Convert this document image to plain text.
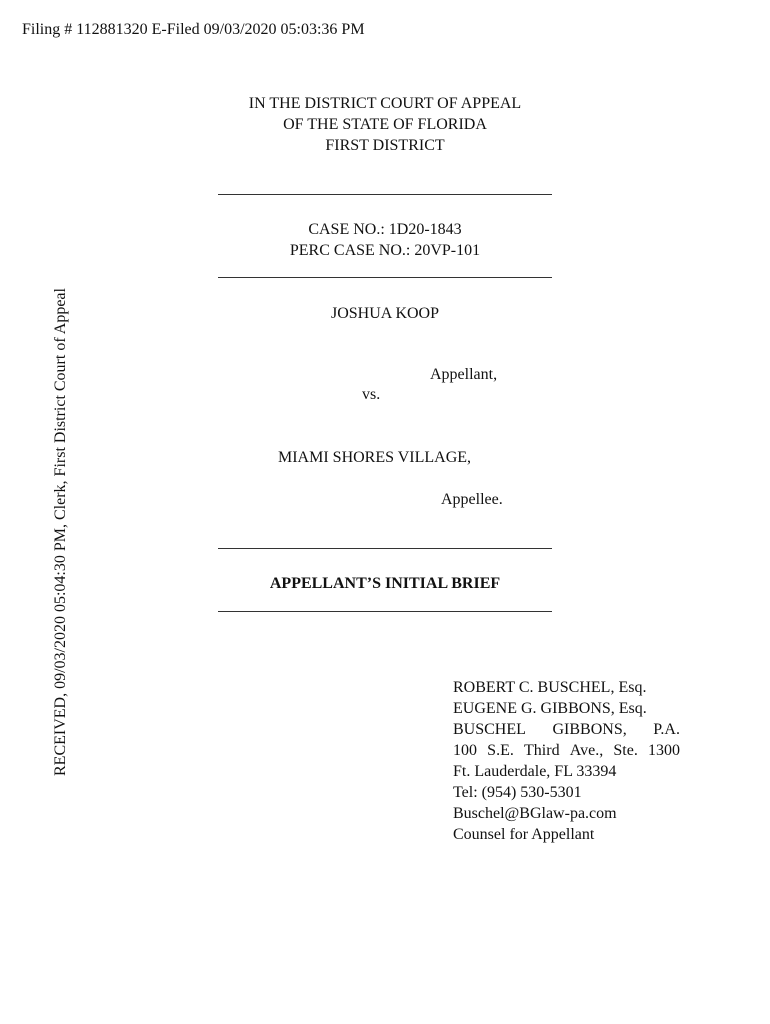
Filing # 112881320 E-Filed 09/03/2020 05:03:36 PM
RECEIVED, 09/03/2020 05:04:30 PM, Clerk, First District Court of Appeal
IN THE DISTRICT COURT OF APPEAL
OF THE STATE OF FLORIDA
FIRST DISTRICT
CASE NO.: 1D20-1843
PERC CASE NO.: 20VP-101
JOSHUA KOOP
Appellant,
vs.
MIAMI SHORES VILLAGE,
Appellee.
APPELLANT’S INITIAL BRIEF
ROBERT C. BUSCHEL, Esq.
EUGENE G. GIBBONS, Esq.
BUSCHEL GIBBONS, P.A.
100 S.E. Third Ave., Ste. 1300
Ft. Lauderdale, FL 33394
Tel: (954) 530-5301
Buschel@BGlaw-pa.com
Counsel for Appellant
